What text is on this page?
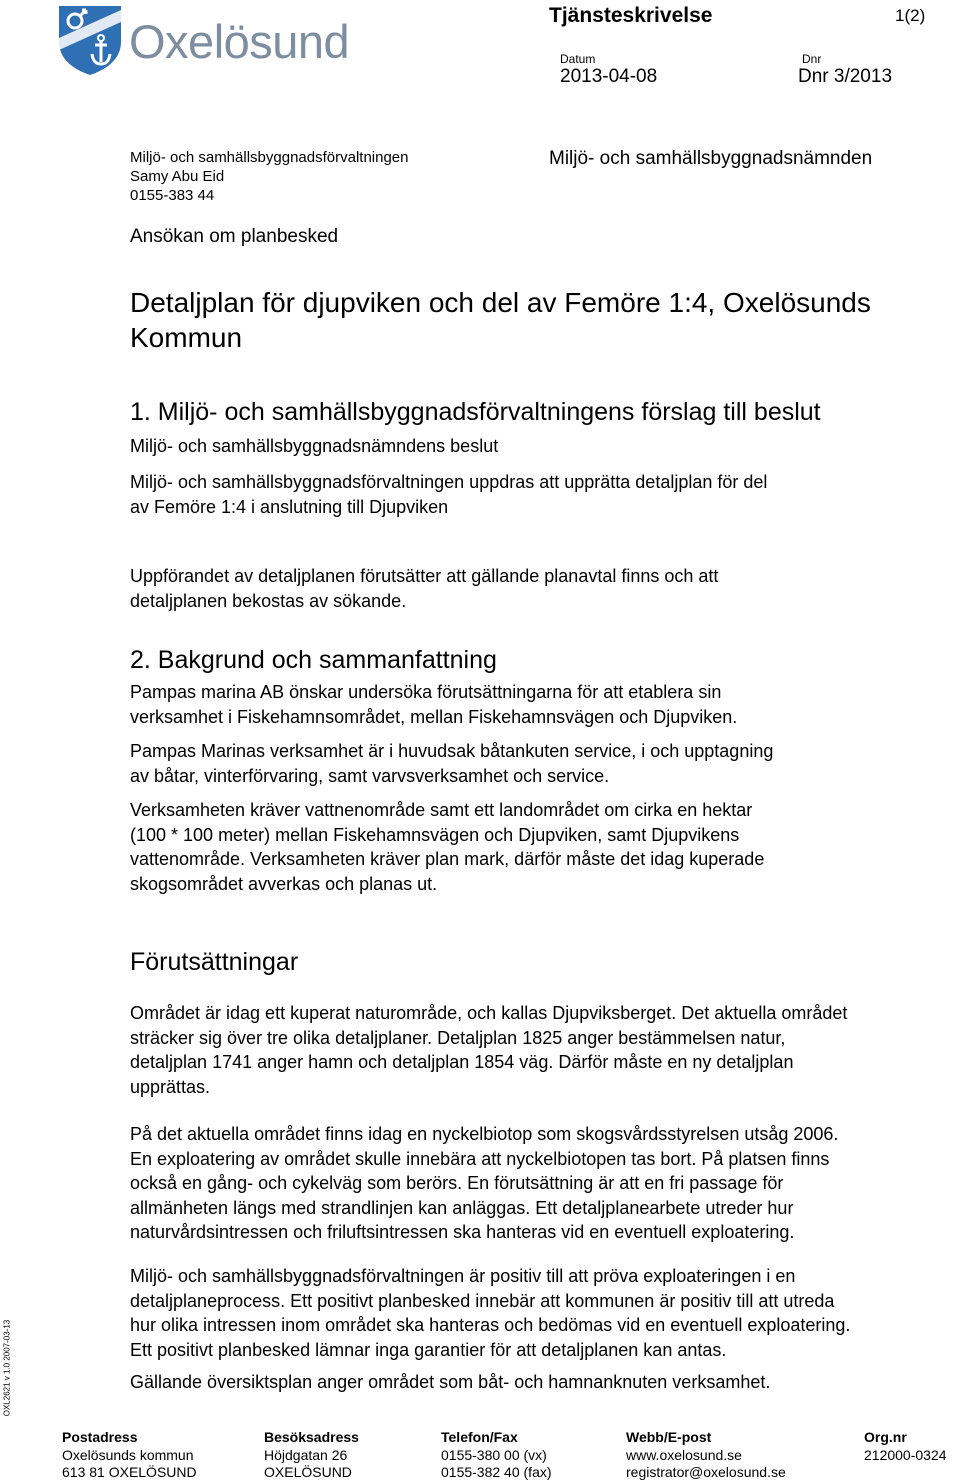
Oxelösund	Tjänsteskrivelse	1(2)
Datum
2013-04-08
Dnr
Dnr 3/2013
Miljö- och samhällsbyggnadsförvaltningen
Samy Abu Eid
0155-383 44
Miljö- och samhällsbyggnadsnämnden
Ansökan om planbesked
Detaljplan för djupviken och del av Femöre 1:4, Oxelösunds
Kommun
1. Miljö- och samhällsbyggnadsförvaltningens förslag till beslut
Miljö- och samhällsbyggnadsnämndens beslut
Miljö- och samhällsbyggnadsförvaltningen uppdras att upprätta detaljplan för del
av Femöre 1:4 i anslutning till Djupviken
Uppförandet av detaljplanen förutsätter att gällande planavtal finns och att
detaljplanen bekostas av sökande.
2. Bakgrund och sammanfattning
Pampas marina AB önskar undersöka förutsättningarna för att etablera sin
verksamhet i Fiskehamnsområdet, mellan Fiskehamnsvägen och Djupviken.
Pampas Marinas verksamhet är i huvudsak båtankuten service, i och upptagning
av båtar, vinterförvaring, samt varvsverksamhet och service.
Verksamheten kräver vattnenområde samt ett landområdet om cirka en hektar
(100 * 100 meter) mellan Fiskehamnsvägen och Djupviken, samt Djupvikens
vattenområde. Verksamheten kräver plan mark, därför måste det idag kuperade
skogsområdet avverkas och planas ut.
Förutsättningar
Området är idag ett kuperat naturområde, och kallas Djupviksberget. Det aktuella området
sträcker sig över tre olika detaljplaner. Detaljplan 1825 anger bestämmelsen natur,
detaljplan 1741 anger hamn och detaljplan 1854 väg. Därför måste en ny detaljplan
upprättas.
På det aktuella området finns idag en nyckelbiotop som skogsvårdsstyrelsen utsåg 2006.
En exploatering av området skulle innebära att nyckelbiotopen tas bort. På platsen finns
också en gång- och cykelväg som berörs. En förutsättning är att en fri passage för
allmänheten längs med strandlinjen kan anläggas. Ett detaljplanearbete utreder hur
naturvårdsintressen och friluftsintressen ska hanteras vid en eventuell exploatering.
Miljö- och samhällsbyggnadsförvaltningen är positiv till att pröva exploateringen i en
detaljplaneprocess. Ett positivt planbesked innebär att kommunen är positiv till att utreda
hur olika intressen inom området ska hanteras och bedömas vid en eventuell exploatering.
Ett positivt planbesked lämnar inga garantier för att detaljplanen kan antas.
Gällande översiktsplan anger området som båt- och hamnanknuten verksamhet.
OXL2621 v 1.0 2007-03-13
Postadress
Oxelösunds kommun
613 81 OXELÖSUND
Besöksadress
Höjdgatan 26
OXELÖSUND
Telefon/Fax
0155-380 00 (vx)
0155-382 40 (fax)
Webb/E-post
www.oxelosund.se
registrator@oxelosund.se
Org.nr
212000-0324
